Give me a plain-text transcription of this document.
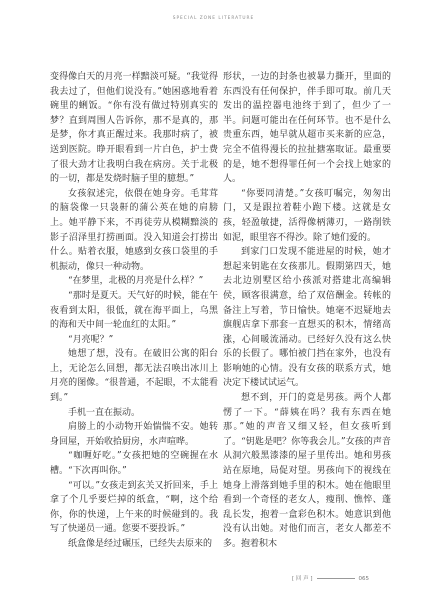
SPECIAL ZONE LITERATURE

变得像白天的月亮一样黯淡可疑。“我觉得我去过了，但他们说没有。”她困惑地看着碗里的蜊饭。“你有没有做过特别真实的梦？直到周围人告诉你，那不是真的，那是梦，你才真正醒过来。我那时病了，被送到医院。睁开眼看到一片白色，护士费了很大劲才让我明白我在病房。关于北极的一切，都是发烧时脑子里的臆想。”

女孩叙述完，依偎在她身旁。毛茸茸的脑袋像一只袅鼾的蒲公英在她的肩膀上。她平静下来，不再徒劳从模糊黯淡的影子沼泽里打捞画面。没入知道会打捞出什么。贴着衣服，她感到女孩口袋里的手机振动，像只一种动物。

“在梦里，北极的月亮是什么样？”

“那时是夏天。天气好的时候，能在午夜看到太阳，很低，就在海平面上，乌黑的海和天中间一轮血红的太阳。”

“月亮呢？”

她想了想，没有。在破旧公寓的阳台上，无论怎么回想，都无法召唤出冰川上月亮的图像。“很普通，不起眼，不太能看到。”

手机一直在振动。

肩膀上的小动物开始惴惴不安。她转身回屋，开始收拾厨房，水声喧哗。

“咖喱好吃。”女孩把她的空碗握在水槽。“下次再叫你。”

“可以。”女孩走到玄关又折回来，手上拿了个几乎要烂掉的纸盒，“啊，这个给你，你的快递，上午来的时候碰到的。我写了快递员一通。您要不要投诉。”

纸盒像是经过碾压，已经失去原来的

形状，一边的封条也被暴力撕开，里面的东西没有任何保护，伴手即可取。前几天发出的温控器电池终于到了，但少了一半。问题可能出在任何环节。也不是什么贵重东西，她早就从超市买来新的应急，完全不值得漫长的拉扯搪塞取证。最重要的是，她不想得罪任何一个会找上她家的人。

“你要同清楚。”女孩叮嘱完，匆匆出门，又是跟拉着鞋小跑下楼。这就是女孩，轻盈敏捷，活得像柄薄刃，一路削铁如泥，眼里容不得沙。除了她们爱的。

到家门口发现不能进屋的时候，她才想起来钥匙在女孩那儿。假期第四天，她去北边别墅区给小孩派对搭建北高编辑侯，顾客很满意，给了双倍酬金。转帐的备注上写着，节日愉快。她毫不迟疑地去旗舰店拿下那套一直想买的积木，情绪高涨，心间暖流涌动。已经好久没有这么快乐的长假了。哪怕被门挡在家外，也没有影响她的心情。没有女孩的联系方式，她决定下楼试试运气。

想不到，开门的竟是男孩。两个人都愣了一下。“薛姨在吗？我有东西在她那。”她的声音又细又轻，但女孩听到了。“钥匙是吧？你等我会儿。”女孩的声音从洞穴般黑漆漆的屋子里传出。她和男孩站在原地，局促对望。男孩向下的视线在她身上滑落到她手里的积木。她在他眼里看到一个奇怪的老女人，瘦削、憔悴、蓬乱长发，抱着一盒彩色积木。她意识到他没有认出她。对他们而言，老女人都差不多。抱着积木

[ 回 声 ]	065
